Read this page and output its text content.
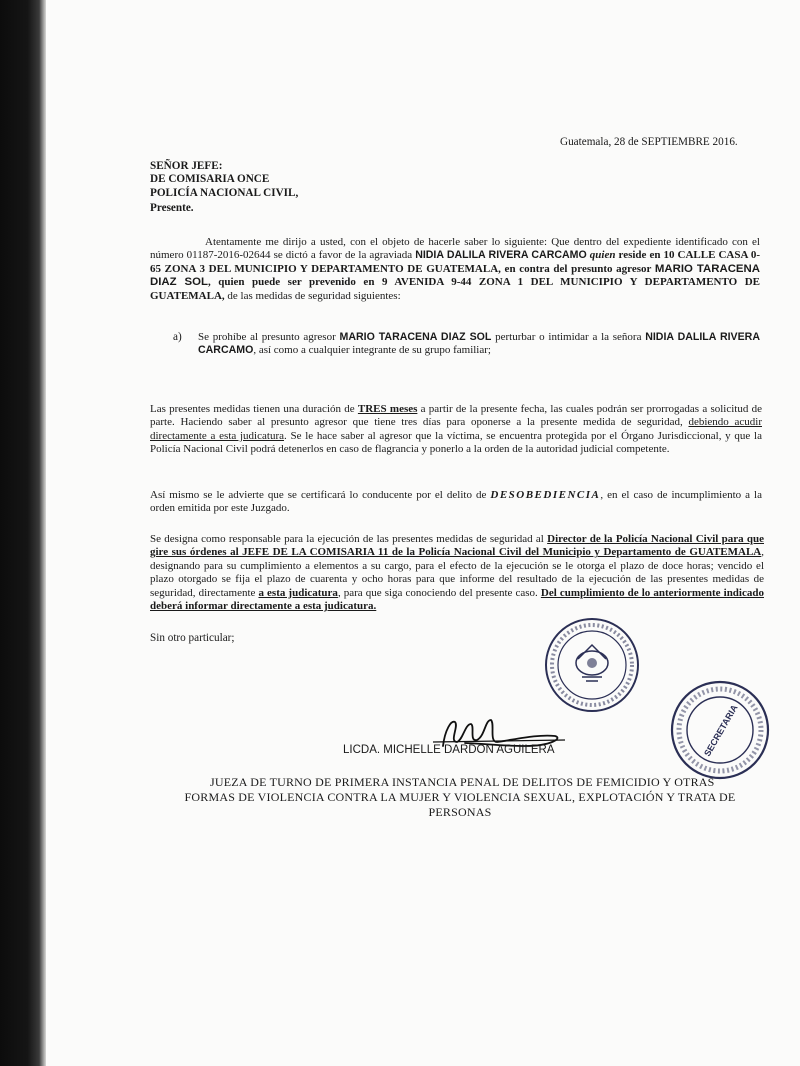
Guatemala, 28 de SEPTIEMBRE 2016.
SEÑOR JEFE:
DE COMISARIA ONCE
POLICÍA NACIONAL CIVIL,
Presente.
Atentamente me dirijo a usted, con el objeto de hacerle saber lo siguiente: Que dentro del expediente identificado con el número 01187-2016-02644 se dictó a favor de la agraviada NIDIA DALILA RIVERA CARCAMO quien reside en 10 CALLE CASA 0-65 ZONA 3 DEL MUNICIPIO Y DEPARTAMENTO DE GUATEMALA, en contra del presunto agresor MARIO TARACENA DIAZ SOL, quien puede ser prevenido en 9 AVENIDA 9-44 ZONA 1 DEL MUNICIPIO Y DEPARTAMENTO DE GUATEMALA, de las medidas de seguridad siguientes:
a) Se prohíbe al presunto agresor MARIO TARACENA DIAZ SOL perturbar o intimidar a la señora NIDIA DALILA RIVERA CARCAMO, así como a cualquier integrante de su grupo familiar;
Las presentes medidas tienen una duración de TRES meses a partir de la presente fecha, las cuales podrán ser prorrogadas a solicitud de parte. Haciendo saber al presunto agresor que tiene tres días para oponerse a la presente medida de seguridad, debiendo acudir directamente a esta judicatura. Se le hace saber al agresor que la víctima, se encuentra protegida por el Órgano Jurisdiccional, y que la Policía Nacional Civil podrá detenerlos en caso de flagrancia y ponerlo a la orden de la autoridad judicial competente.
Así mismo se le advierte que se certificará lo conducente por el delito de DESOBEDIENCIA, en el caso de incumplimiento a la orden emitida por este Juzgado.
Se designa como responsable para la ejecución de las presentes medidas de seguridad al Director de la Policía Nacional Civil para que gire sus órdenes al JEFE DE LA COMISARIA 11 de la Policía Nacional Civil del Municipio y Departamento de GUATEMALA, designando para su cumplimiento a elementos a su cargo, para el efecto de la ejecución se le otorga el plazo de doce horas; vencido el plazo otorgado se fija el plazo de cuarenta y ocho horas para que informe del resultado de la ejecución de las presentes medidas de seguridad, directamente a esta judicatura, para que siga conociendo del presente caso. Del cumplimiento de lo anteriormente indicado deberá informar directamente a esta judicatura.
Sin otro particular;
SECRETARIA
LICDA. MICHELLE DARDON AGUILERA
JUEZA DE TURNO DE PRIMERA INSTANCIA PENAL DE DELITOS DE FEMICIDIO Y OTRAS
FORMAS DE VIOLENCIA CONTRA LA MUJER Y VIOLENCIA SEXUAL, EXPLOTACIÓN Y TRATA DE
PERSONAS
